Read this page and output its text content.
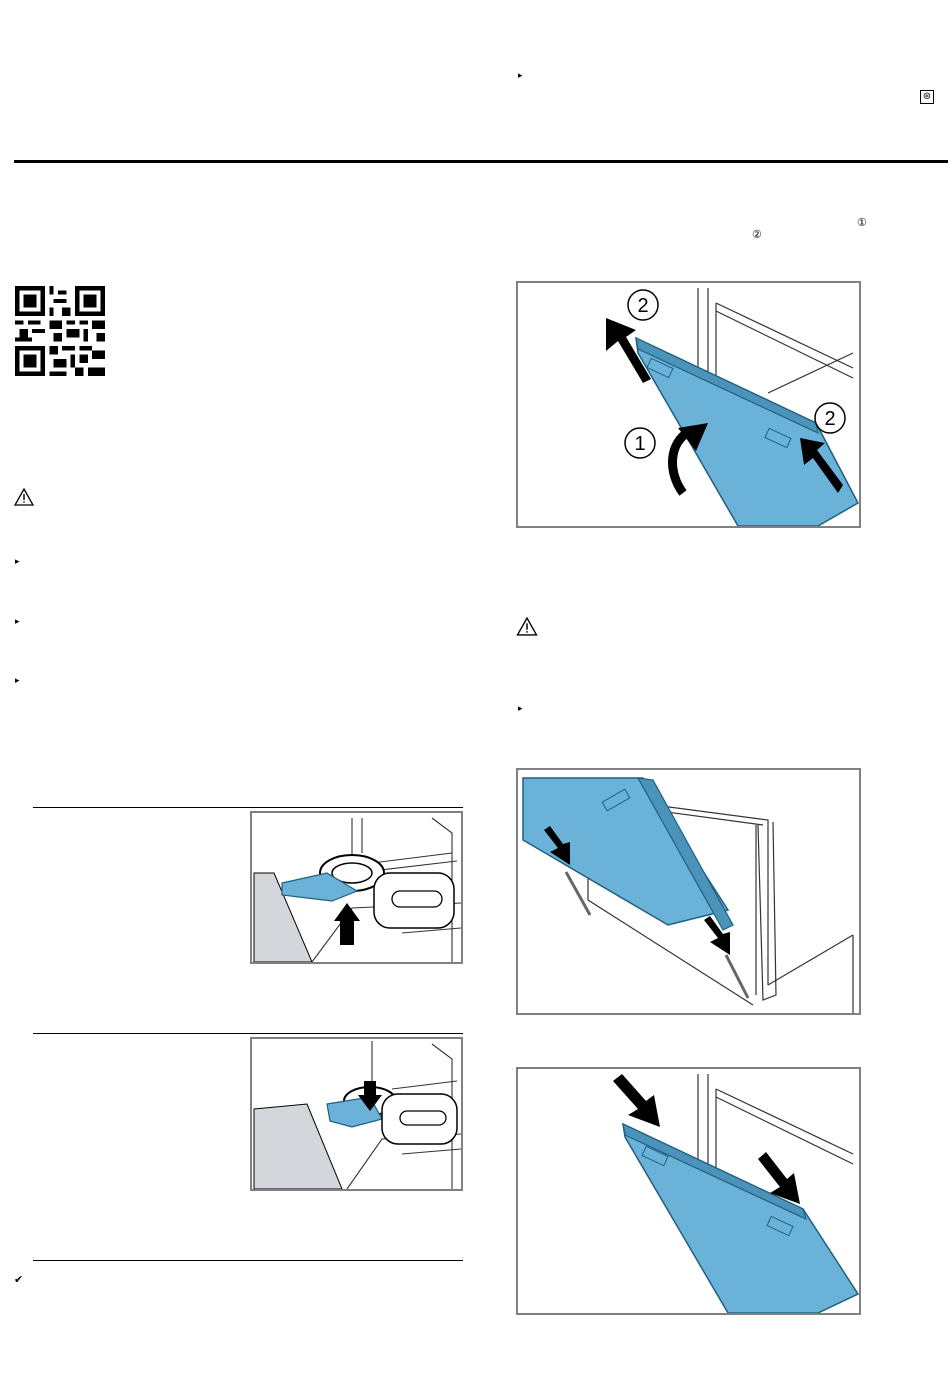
▸
⊛
①
②
▸
▸
▸
▸
✔
2
1
2
